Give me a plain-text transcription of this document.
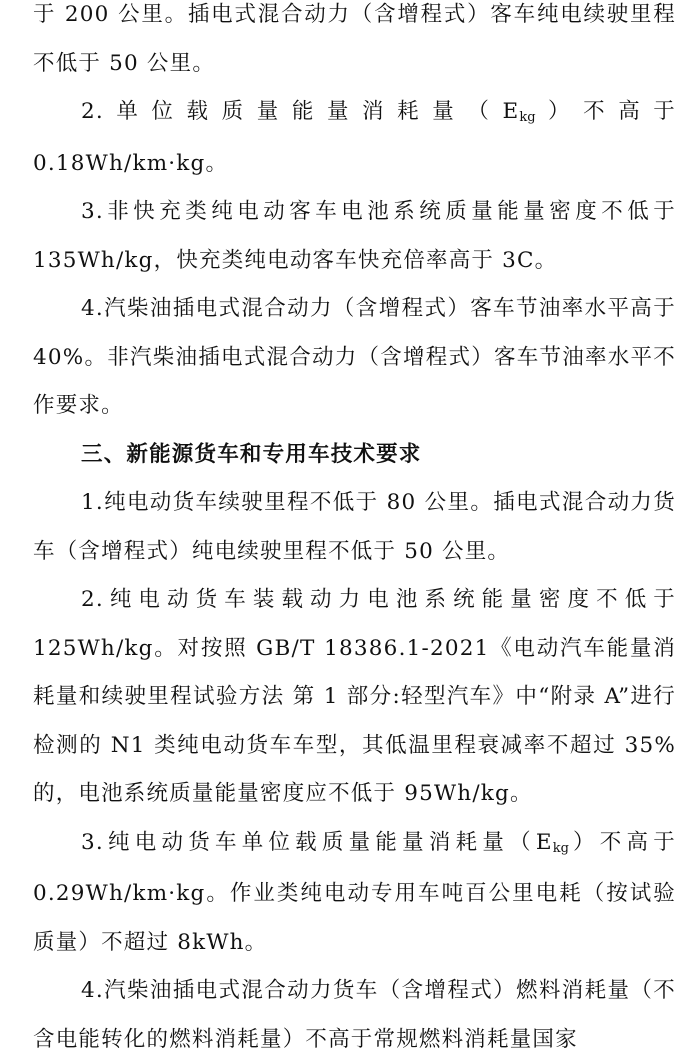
于 200 公里。插电式混合动力（含增程式）客车纯电续驶里程不低于 50 公里。

2.单位载质量能量消耗量（Ekg）不高于 0.18Wh/km·kg。

3.非快充类纯电动客车电池系统质量能量密度不低于 135Wh/kg，快充类纯电动客车快充倍率高于 3C。

4.汽柴油插电式混合动力（含增程式）客车节油率水平高于 40%。非汽柴油插电式混合动力（含增程式）客车节油率水平不作要求。

三、新能源货车和专用车技术要求

1.纯电动货车续驶里程不低于 80 公里。插电式混合动力货车（含增程式）纯电续驶里程不低于 50 公里。

2.纯电动货车装载动力电池系统能量密度不低于 125Wh/kg。对按照 GB/T 18386.1-2021《电动汽车能量消耗量和续驶里程试验方法 第 1 部分:轻型汽车》中“附录 A”进行检测的 N1 类纯电动货车车型，其低温里程衰减率不超过 35%的，电池系统质量能量密度应不低于 95Wh/kg。

3.纯电动货车单位载质量能量消耗量（Ekg）不高于 0.29Wh/km·kg。作业类纯电动专用车吨百公里电耗（按试验质量）不超过 8kWh。

4.汽柴油插电式混合动力货车（含增程式）燃料消耗量（不含电能转化的燃料消耗量）不高于常规燃料消耗量国家
